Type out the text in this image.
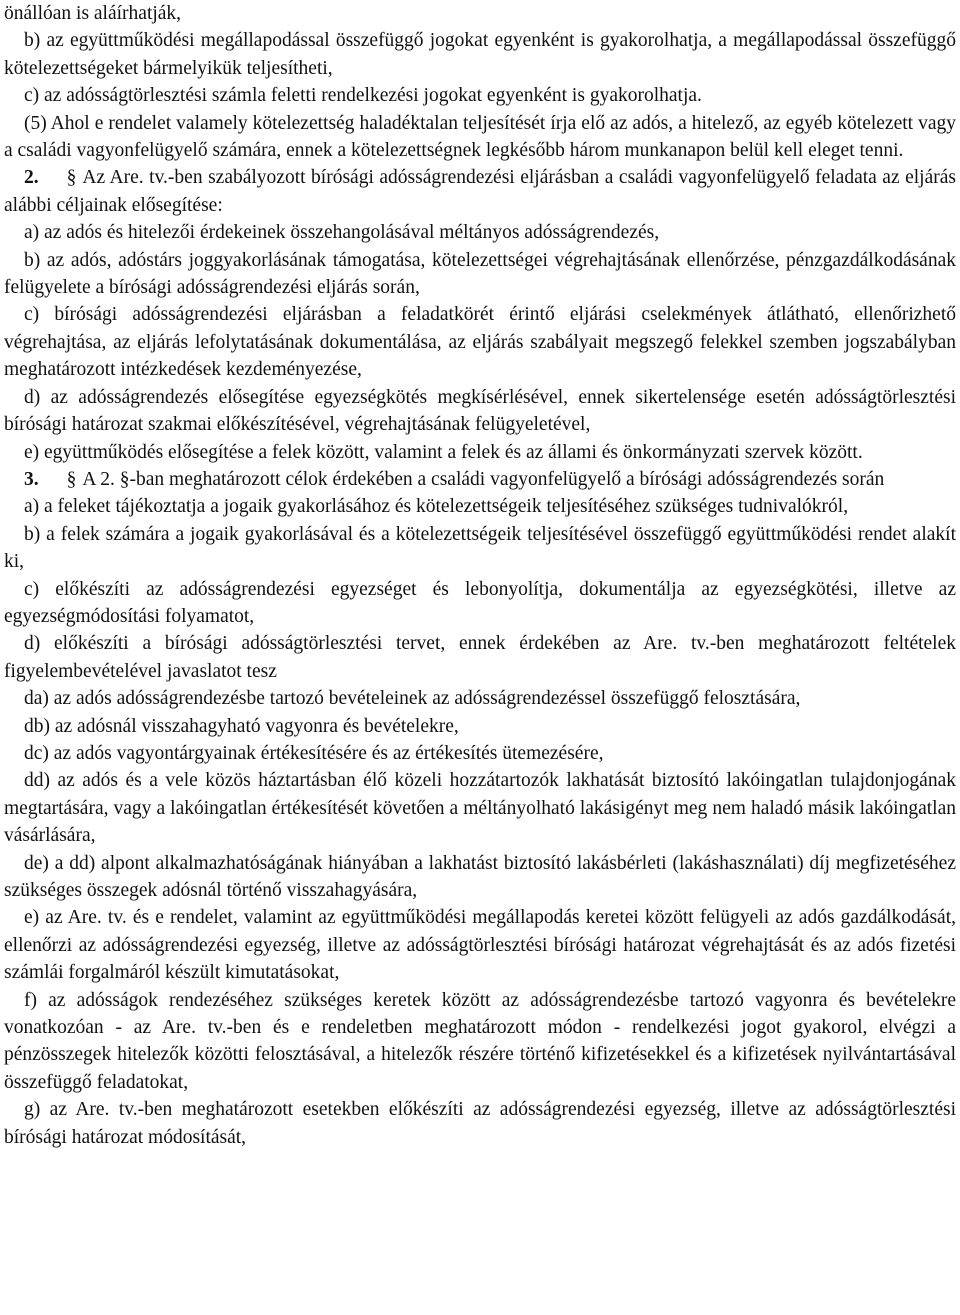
önállóan is aláírhatják,

b) az együttműködési megállapodással összefüggő jogokat egyenként is gyakorolhatja, a megállapodással összefüggő kötelezettségeket bármelyikük teljesítheti,

c) az adósságtörlesztési számla feletti rendelkezési jogokat egyenként is gyakorolhatja.

(5) Ahol e rendelet valamely kötelezettség haladéktalan teljesítését írja elő az adós, a hitelező, az egyéb kötelezett vagy a családi vagyonfelügyelő számára, ennek a kötelezettségnek legkésőbb három munkanapon belül kell eleget tenni.

2. § Az Are. tv.-ben szabályozott bírósági adósságrendezési eljárásban a családi vagyonfelügyelő feladata az eljárás alábbi céljainak elősegítése:

a) az adós és hitelezői érdekeinek összehangolásával méltányos adósságrendezés,

b) az adós, adóstárs joggyakorlásának támogatása, kötelezettségei végrehajtásának ellenőrzése, pénzgazdálkodásának felügyelete a bírósági adósságrendezési eljárás során,

c) bírósági adósságrendezési eljárásban a feladatkörét érintő eljárási cselekmények átlátható, ellenőrizhető végrehajtása, az eljárás lefolytatásának dokumentálása, az eljárás szabályait megszegő felekkel szemben jogszabályban meghatározott intézkedések kezdeményezése,

d) az adósságrendezés elősegítése egyezségkötés megkísérlésével, ennek sikertelensége esetén adósságtörlesztési bírósági határozat szakmai előkészítésével, végrehajtásának felügyeletével,

e) együttműködés elősegítése a felek között, valamint a felek és az állami és önkormányzati szervek között.

3. § A 2. §-ban meghatározott célok érdekében a családi vagyonfelügyelő a bírósági adósságrendezés során

a) a feleket tájékoztatja a jogaik gyakorlásához és kötelezettségeik teljesítéséhez szükséges tudnivalókról,

b) a felek számára a jogaik gyakorlásával és a kötelezettségeik teljesítésével összefüggő együttműködési rendet alakít ki,

c) előkészíti az adósságrendezési egyezséget és lebonyolítja, dokumentálja az egyezségkötési, illetve az egyezségmódosítási folyamatot,

d) előkészíti a bírósági adósságtörlesztési tervet, ennek érdekében az Are. tv.-ben meghatározott feltételek figyelembevételével javaslatot tesz

da) az adós adósságrendezésbe tartozó bevételeinek az adósságrendezéssel összefüggő felosztására,

db) az adósnál visszahagyható vagyonra és bevételekre,

dc) az adós vagyontárgyainak értékesítésére és az értékesítés ütemezésére,

dd) az adós és a vele közös háztartásban élő közeli hozzátartozók lakhatását biztosító lakóingatlan tulajdonjogának megtartására, vagy a lakóingatlan értékesítését követően a méltányolható lakásigényt meg nem haladó másik lakóingatlan vásárlására,

de) a dd) alpont alkalmazhatóságának hiányában a lakhatást biztosító lakásbérleti (lakáshasználati) díj megfizetéséhez szükséges összegek adósnál történő visszahagyására,

e) az Are. tv. és e rendelet, valamint az együttműködési megállapodás keretei között felügyeli az adós gazdálkodását, ellenőrzi az adósságrendezési egyezség, illetve az adósságtörlesztési bírósági határozat végrehajtását és az adós fizetési számlái forgalmáról készült kimutatásokat,

f) az adósságok rendezéséhez szükséges keretek között az adósságrendezésbe tartozó vagyonra és bevételekre vonatkozóan - az Are. tv.-ben és e rendeletben meghatározott módon - rendelkezési jogot gyakorol, elvégzi a pénzösszegek hitelezők közötti felosztásával, a hitelezők részére történő kifizetésekkel és a kifizetések nyilvántartásával összefüggő feladatokat,

g) az Are. tv.-ben meghatározott esetekben előkészíti az adósságrendezési egyezség, illetve az adósságtörlesztési bírósági határozat módosítását,
